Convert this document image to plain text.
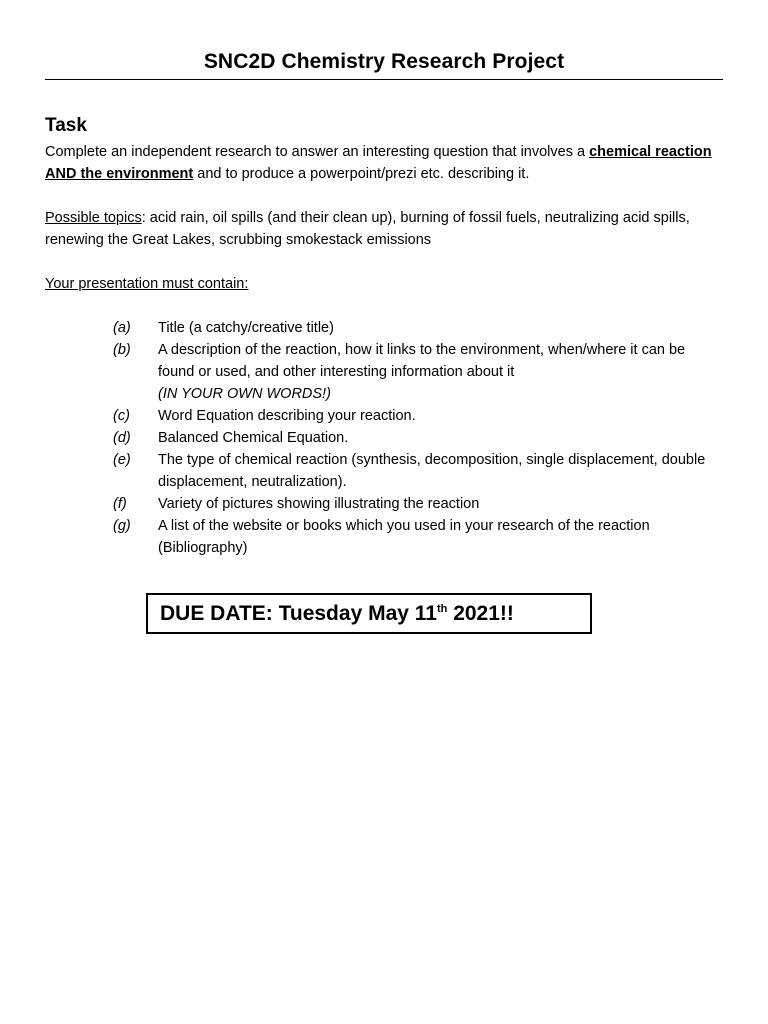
SNC2D Chemistry Research Project
Task
Complete an independent research to answer an interesting question that involves a chemical reaction AND the environment and to produce a powerpoint/prezi etc. describing it.
Possible topics: acid rain, oil spills (and their clean up), burning of fossil fuels, neutralizing acid spills, renewing the Great Lakes, scrubbing smokestack emissions
Your presentation must contain:
(a)	Title (a catchy/creative title)
(b)	A description of the reaction, how it links to the environment, when/where it can be found or used, and other interesting information about it
(IN YOUR OWN WORDS!)
(c)	Word Equation describing your reaction.
(d)	Balanced Chemical Equation.
(e)	The type of chemical reaction (synthesis, decomposition, single displacement, double displacement, neutralization).
(f)	Variety of pictures showing illustrating the reaction
(g)	A list of the website or books which you used in your research of the reaction (Bibliography)
DUE DATE: Tuesday May 11th 2021!!
